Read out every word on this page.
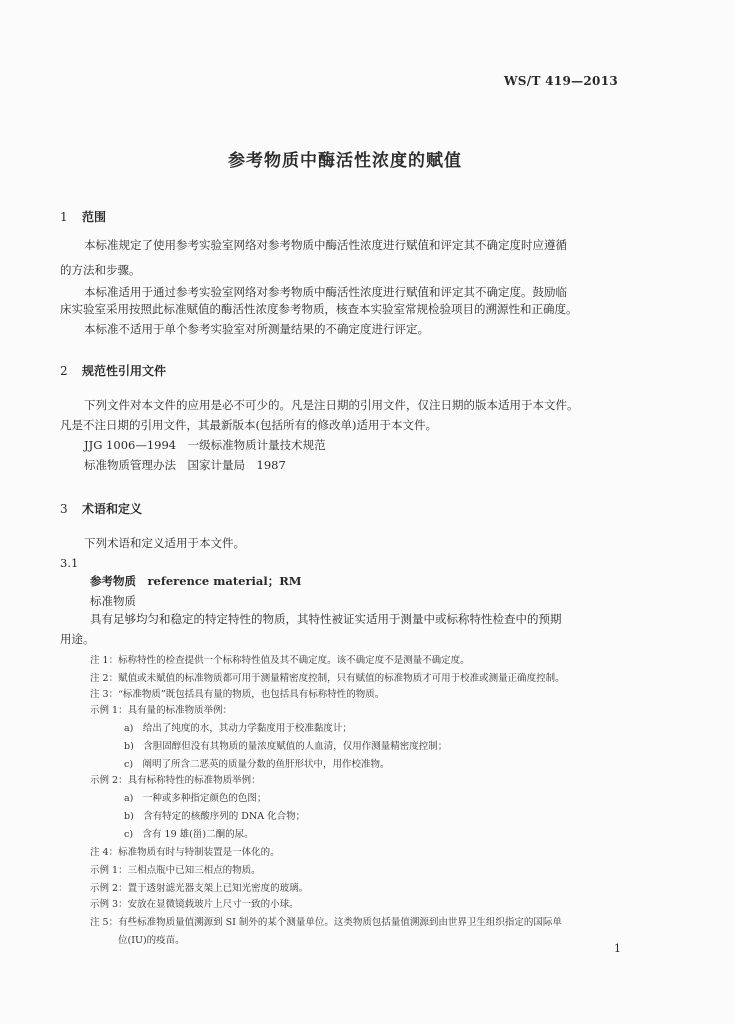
WS/T 419—2013
参考物质中酶活性浓度的赋值
1 范围
本标准规定了使用参考实验室网络对参考物质中酶活性浓度进行赋值和评定其不确定度时应遵循
的方法和步骤。
本标准适用于通过参考实验室网络对参考物质中酶活性浓度进行赋值和评定其不确定度。鼓励临
床实验室采用按照此标准赋值的酶活性浓度参考物质，核查本实验室常规检验项目的溯源性和正确度。
本标准不适用于单个参考实验室对所测量结果的不确定度进行评定。
2 规范性引用文件
下列文件对本文件的应用是必不可少的。凡是注日期的引用文件，仅注日期的版本适用于本文件。
凡是不注日期的引用文件，其最新版本(包括所有的修改单)适用于本文件。
JJG 1006—1994　一级标准物质计量技术规范
标准物质管理办法　国家计量局　1987
3 术语和定义
下列术语和定义适用于本文件。
3.1
参考物质　reference material；RM
标准物质
具有足够均匀和稳定的特定特性的物质，其特性被证实适用于测量中或标称特性检查中的预期
用途。
注 1：标称特性的检查提供一个标称特性值及其不确定度。该不确定度不是测量不确定度。
注 2：赋值或未赋值的标准物质都可用于测量精密度控制，只有赋值的标准物质才可用于校准或测量正确度控制。
注 3：“标准物质”既包括具有量的物质，也包括具有标称特性的物质。
示例 1：具有量的标准物质举例：
a)　给出了纯度的水，其动力学黏度用于校准黏度计；
b)　含胆固醇但没有其物质的量浓度赋值的人血清，仅用作测量精密度控制；
c)　阐明了所含二恶英的质量分数的鱼肝形状中，用作校准物。
示例 2：具有标称特性的标准物质举例：
a)　一种或多种指定颜色的色图；
b)　含有特定的核酸序列的 DNA 化合物；
c)　含有 19 雄(甾)二酮的尿。
注 4：标准物质有时与特制装置是一体化的。
示例 1：三相点瓶中已知三相点的物质。
示例 2：置于透射滤光器支架上已知光密度的玻璃。
示例 3：安放在显微镜载玻片上尺寸一致的小球。
注 5：有些标准物质量值溯源到 SI 制外的某个测量单位。这类物质包括量值溯源到由世界卫生组织指定的国际单
位(IU)的疫苗。
1
